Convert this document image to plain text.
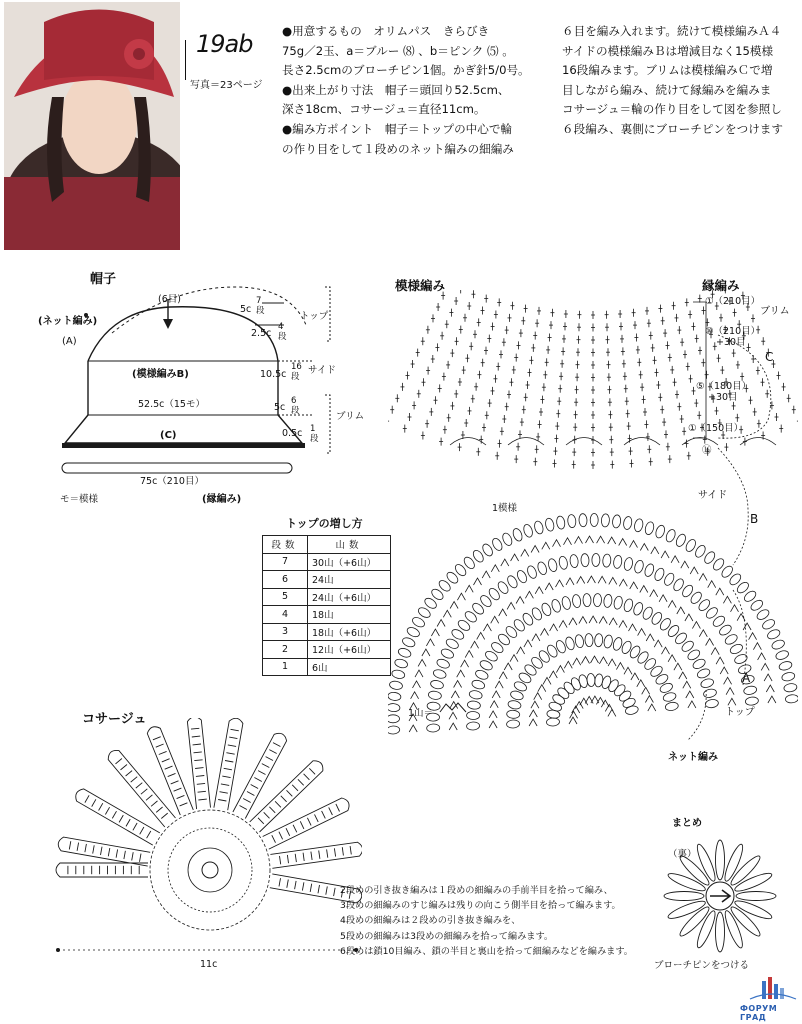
19ab
写真＝23ページ
●用意するもの　オリムパス　きらびき
75g／2玉、a＝ブルー ⑻ 、b＝ピンク ⑸ 。
長さ2.5cmのブローチピン1個。かぎ針5/0号。
●出来上がり寸法　帽子＝頭回り52.5cm、
深さ18cm、コサージュ＝直径11cm。
●編み方ポイント　帽子＝トップの中心で輪
の作り目をして１段めのネット編みの細編み
６目を編み入れます。続けて模様編みＡ４
サイドの模様編みＢは増減目なく15模様
16段編みます。ブリムは模様編みＣで増
目しながら編み、続けて縁編みを編みま
コサージュ＝輪の作り目をして図を参照し
６段編み、裏側にブローチピンをつけます
帽子
(6目)
(ネット編み)
(A)
(模様編みB)
52.5c（15モ）
(C)
75c（210目）
(縁編み)
モ＝模様
5c
7段
2.5c
4段
10.5c
16段
5c
6段
0.5c 1段
トップ
サイド
ブリム
トップの増し方
段数	山数
7	30山（+6山）
6	24山
5	24山（+6山）
4	18山
3	18山（+6山）
2	12山（+6山）
1	6山
模様編み	縁編み
①（210目）
ブリム
⑩（210目）
+30目
C
⑤（180目）
+30目
①（150目）
⑯
サイド
B
1模様
A
トップ
ネット編み
1山＝
コサージュ
11c
2段めの引き抜き編みは１段めの細編みの手前半目を拾って編み、
3段めの細編みのすじ編みは残りの向こう側半目を拾って編みます。
4段めの細編みは２段めの引き抜き編みを、
5段めの細編みは3段めの細編みを拾って編みます。
6段めは鎖10目編み、鎖の半目と裏山を拾って細編みなどを編みます。
まとめ
（裏）
ブローチピンをつける
ФОРУМ ГРАД
